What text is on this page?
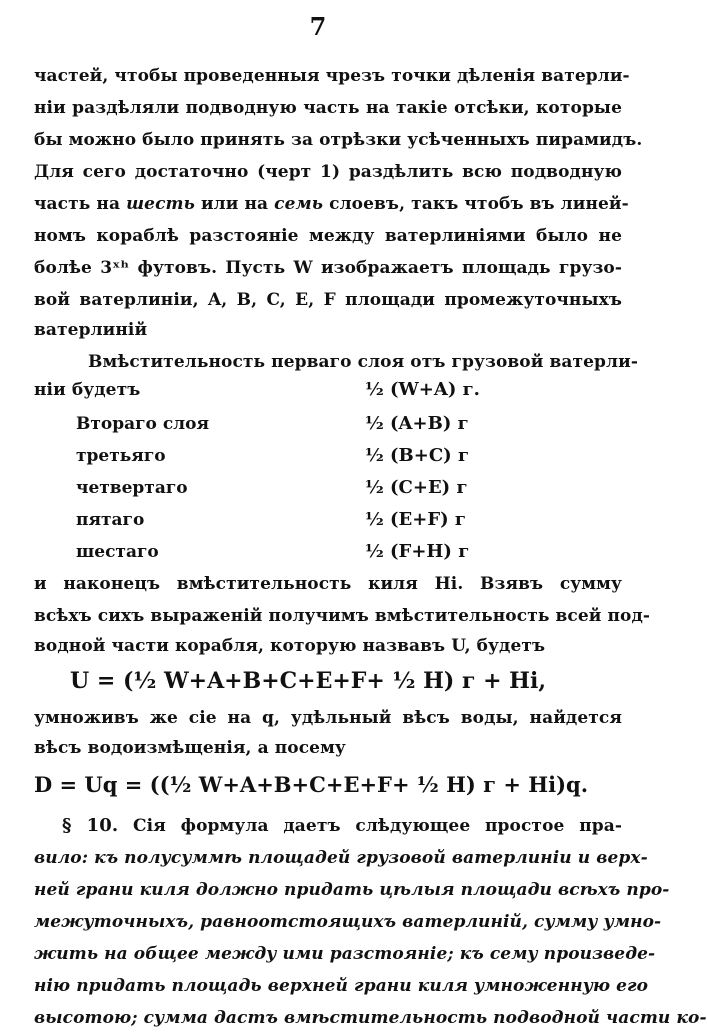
7
частей, чтобы проведенныя чрезъ точки дѣленія ватерли-
ніи раздѣляли подводную часть на такіе отсѣки, которые
бы можно было принять за отрѣзки усѣченныхъ пирамидъ.
Для сего достаточно (черт 1) раздѣлить всю подводную
часть на шесть или на семь слоевъ, такъ чтобъ въ линей-
номъ кораблѣ разстояніе между ватерлиніями было не
болѣе 3ˣʰ футовъ. Пусть W изображаетъ площадь грузо-
вой ватерлиніи, A, B, C, E, F площади промежуточныхъ
ватерлиній
Вмѣстительность перваго слоя отъ грузовой ватерли-
ніи будетъ	½ (W+A) г.
Втораго слоя	½ (A+B) г
третьяго	½ (B+C) г
четвертаго	½ (C+E) г
пятаго	½ (E+F) г
шестаго	½ (F+H) г
и наконецъ вмѣстительность киля Hi. Взявъ сумму
всѣхъ сихъ выраженій получимъ вмѣстительность всей под-
водной части корабля, которую назвавъ U, будетъ
U = (½ W+A+B+C+E+F+ ½ H) г + Hi,
умноживъ же сіе на q, удѣльный вѣсъ воды, найдется
вѣсъ водоизмѣщенія, а посему
D = Uq = ((½ W+A+B+C+E+F+ ½ H) г + Hi)q.
§ 10. Сія формула даетъ слѣдующее простое пра-
вило: къ полусуммѣ площадей грузовой ватерлиніи и верх-
ней грани киля должно придать цѣлыя площади всѣхъ про-
межуточныхъ, равноотстоящихъ ватерлиній, сумму умно-
жить на общее между ими разстояніе; къ сему произведе-
нію придать площадь верхней грани киля умноженную его
высотою; сумма дастъ вмѣстительность подводной части ко-
